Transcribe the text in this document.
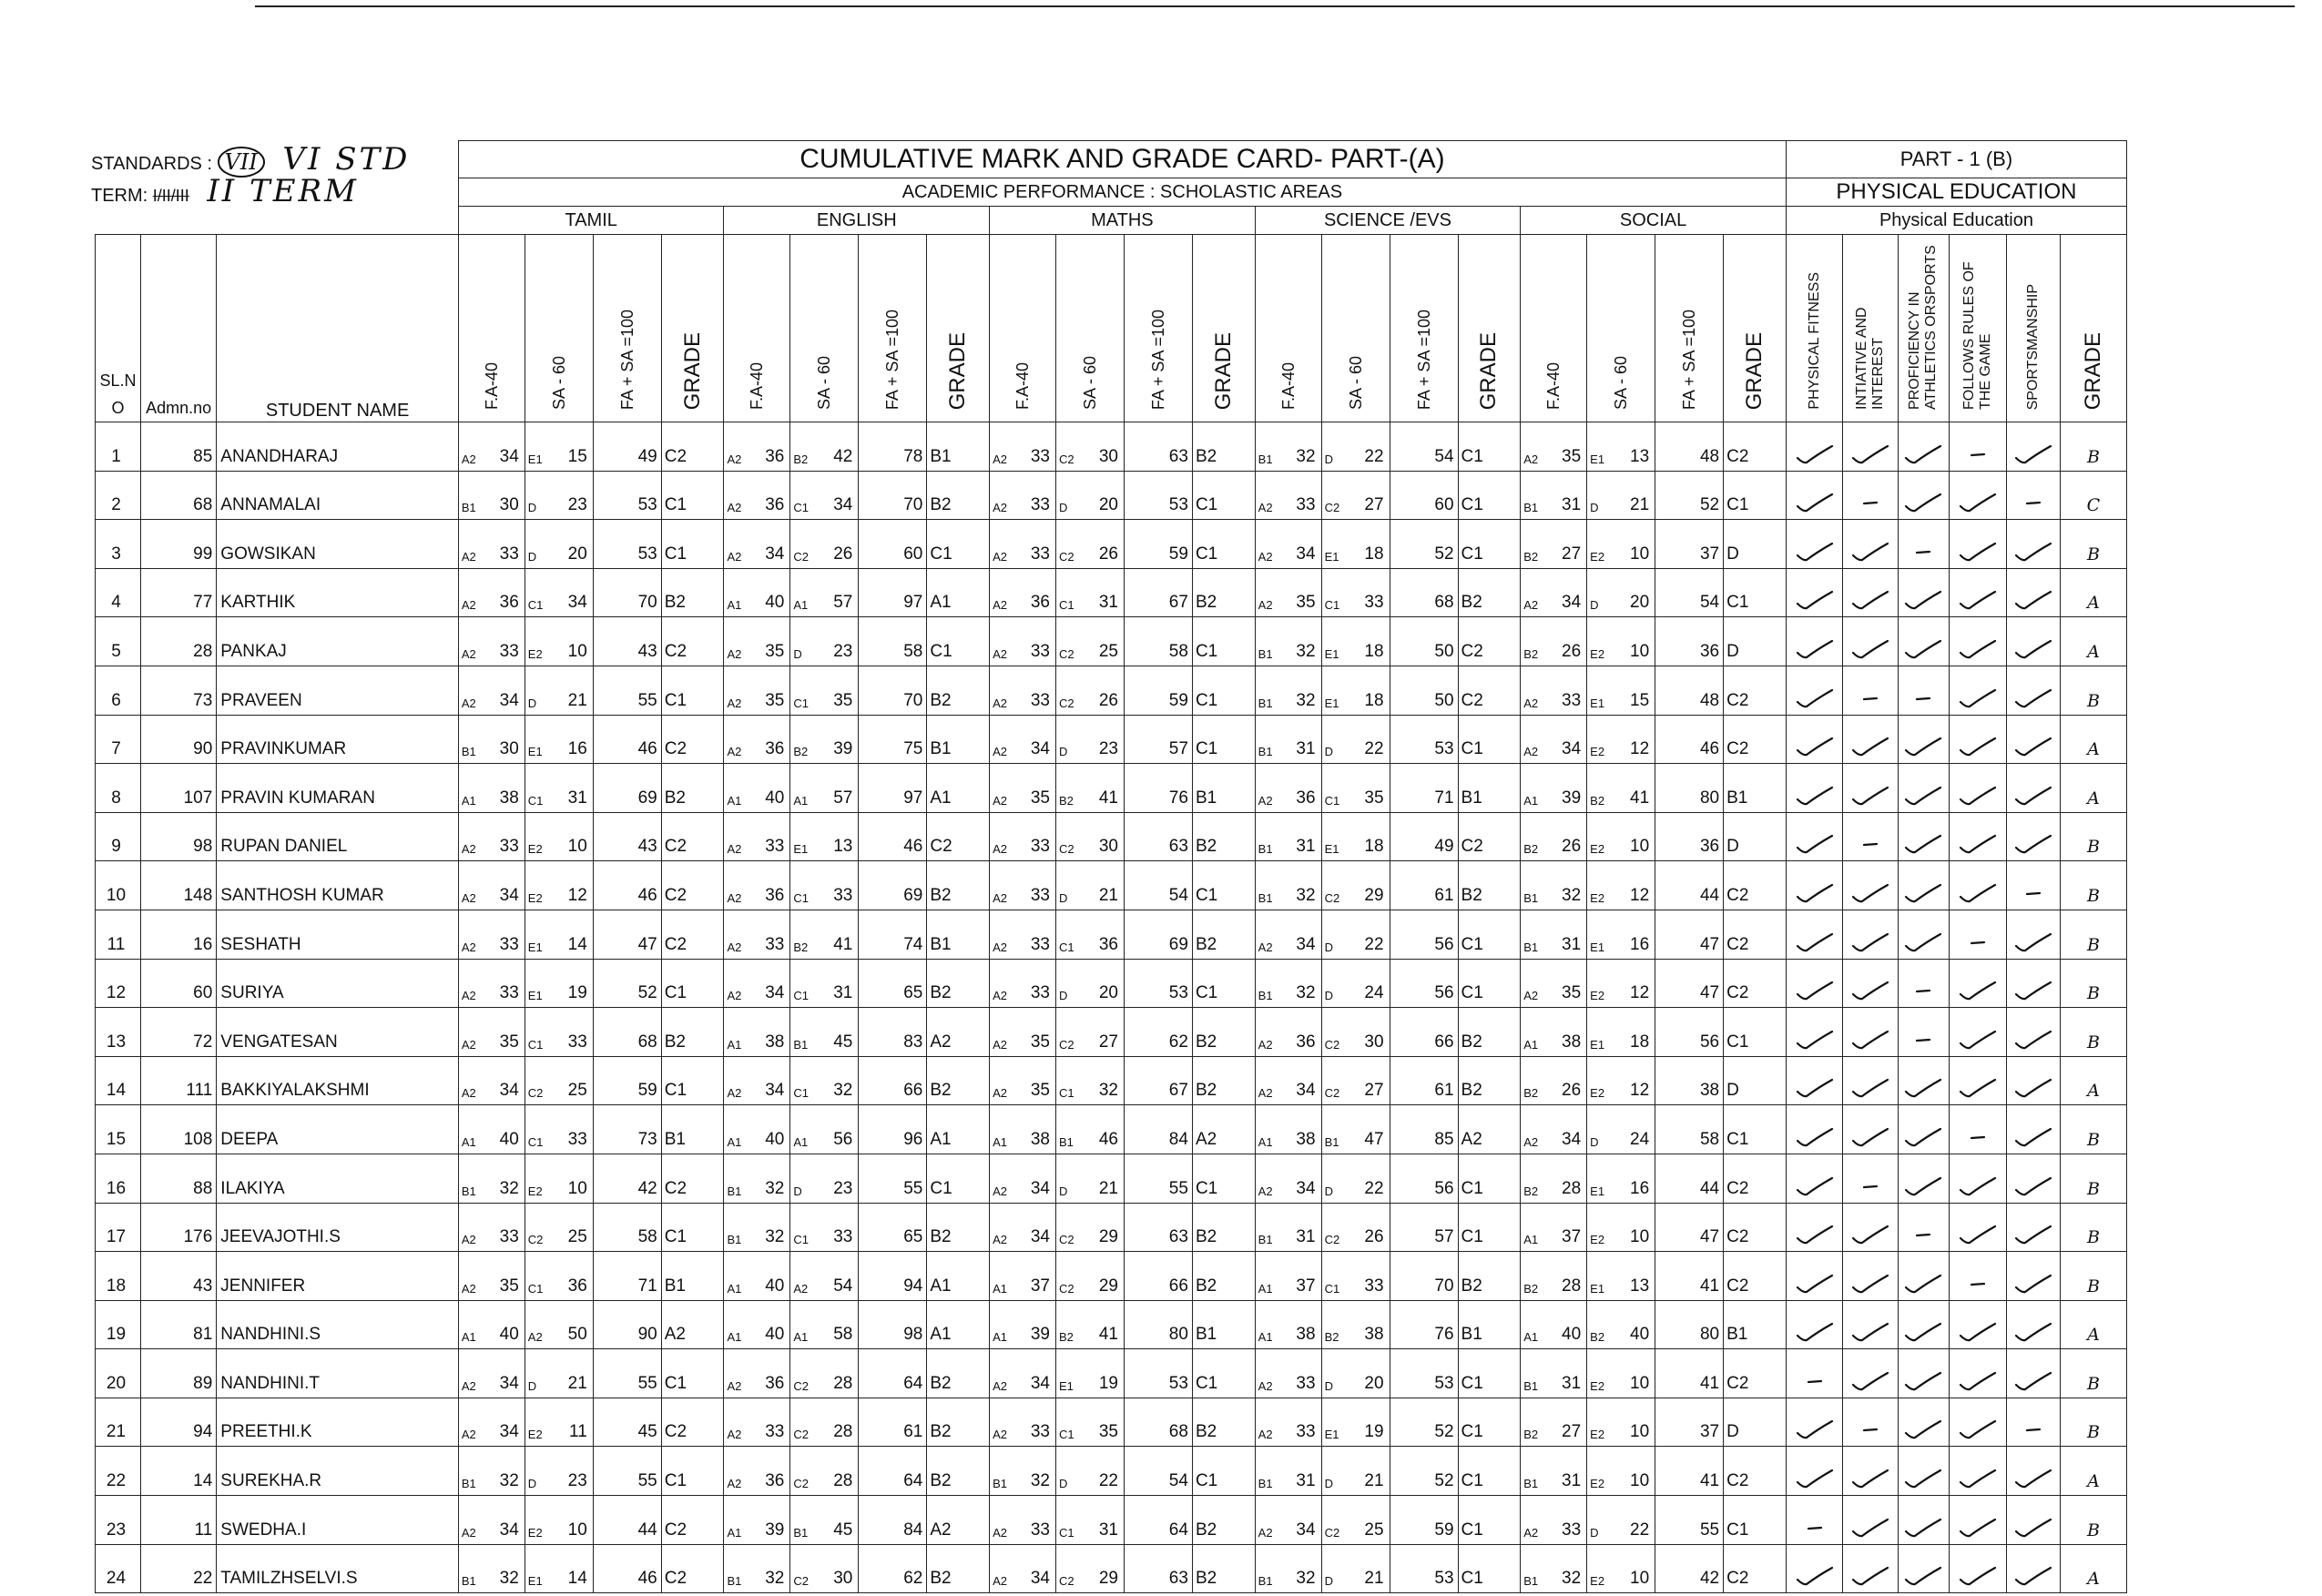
STANDARDS : VII VI STD
TERM: I/II/III II TERM
			CUMULATIVE MARK AND GRADE CARD- PART-(A)																				PART - 1 (B)					
			ACADEMIC PERFORMANCE : SCHOLASTIC AREAS																				PHYSICAL EDUCATION					
			TAMIL				ENGLISH				MATHS				SCIENCE /EVS				SOCIAL				Physical Education					

SL.NO	Admn.no	STUDENT NAME	F.A-40	SA - 60	FA + SA =100	GRADE	F.A-40	SA - 60	FA + SA =100	GRADE	F.A-40	SA - 60	FA + SA =100	GRADE	F.A-40	SA - 60	FA + SA =100	GRADE	F.A-40	SA - 60	FA + SA =100	GRADE	PHYSICAL FITNESS	INTIATIVE AND INTEREST	PROFICIENCY IN ATHLETICS ORSPORTS	FOLLOWS RULES OF THE GAME	SPORTSMANSHIP	GRADE
1	85	ANANDHARAJ	A2 34	E1 15	49	C2	A2 36	B2 42	78	B1	A2 33	C2 30	63	B2	B1 32	D 22	54	C1	A2 35	E1 13	48	C2						B
2	68	ANNAMALAI	B1 30	D 23	53	C1	A2 36	C1 34	70	B2	A2 33	D 20	53	C1	A2 33	C2 27	60	C1	B1 31	D 21	52	C1						C
3	99	GOWSIKAN	A2 33	D 20	53	C1	A2 34	C2 26	60	C1	A2 33	C2 26	59	C1	A2 34	E1 18	52	C1	B2 27	E2 10	37	D						B
4	77	KARTHIK	A2 36	C1 34	70	B2	A1 40	A1 57	97	A1	A2 36	C1 31	67	B2	A2 35	C1 33	68	B2	A2 34	D 20	54	C1						A
5	28	PANKAJ	A2 33	E2 10	43	C2	A2 35	D 23	58	C1	A2 33	C2 25	58	C1	B1 32	E1 18	50	C2	B2 26	E2 10	36	D						A
6	73	PRAVEEN	A2 34	D 21	55	C1	A2 35	C1 35	70	B2	A2 33	C2 26	59	C1	B1 32	E1 18	50	C2	A2 33	E1 15	48	C2						B
7	90	PRAVINKUMAR	B1 30	E1 16	46	C2	A2 36	B2 39	75	B1	A2 34	D 23	57	C1	B1 31	D 22	53	C1	A2 34	E2 12	46	C2						A
8	107	PRAVIN KUMARAN	A1 38	C1 31	69	B2	A1 40	A1 57	97	A1	A2 35	B2 41	76	B1	A2 36	C1 35	71	B1	A1 39	B2 41	80	B1						A
9	98	RUPAN DANIEL	A2 33	E2 10	43	C2	A2 33	E1 13	46	C2	A2 33	C2 30	63	B2	B1 31	E1 18	49	C2	B2 26	E2 10	36	D						B
10	148	SANTHOSH KUMAR	A2 34	E2 12	46	C2	A2 36	C1 33	69	B2	A2 33	D 21	54	C1	B1 32	C2 29	61	B2	B1 32	E2 12	44	C2						B
11	16	SESHATH	A2 33	E1 14	47	C2	A2 33	B2 41	74	B1	A2 33	C1 36	69	B2	A2 34	D 22	56	C1	B1 31	E1 16	47	C2						B
12	60	SURIYA	A2 33	E1 19	52	C1	A2 34	C1 31	65	B2	A2 33	D 20	53	C1	B1 32	D 24	56	C1	A2 35	E2 12	47	C2						B
13	72	VENGATESAN	A2 35	C1 33	68	B2	A1 38	B1 45	83	A2	A2 35	C2 27	62	B2	A2 36	C2 30	66	B2	A1 38	E1 18	56	C1						B
14	111	BAKKIYALAKSHMI	A2 34	C2 25	59	C1	A2 34	C1 32	66	B2	A2 35	C1 32	67	B2	A2 34	C2 27	61	B2	B2 26	E2 12	38	D						A
15	108	DEEPA	A1 40	C1 33	73	B1	A1 40	A1 56	96	A1	A1 38	B1 46	84	A2	A1 38	B1 47	85	A2	A2 34	D 24	58	C1						B
16	88	ILAKIYA	B1 32	E2 10	42	C2	B1 32	D 23	55	C1	A2 34	D 21	55	C1	A2 34	D 22	56	C1	B2 28	E1 16	44	C2						B
17	176	JEEVAJOTHI.S	A2 33	C2 25	58	C1	B1 32	C1 33	65	B2	A2 34	C2 29	63	B2	B1 31	C2 26	57	C1	A1 37	E2 10	47	C2						B
18	43	JENNIFER	A2 35	C1 36	71	B1	A1 40	A2 54	94	A1	A1 37	C2 29	66	B2	A1 37	C1 33	70	B2	B2 28	E1 13	41	C2						B
19	81	NANDHINI.S	A1 40	A2 50	90	A2	A1 40	A1 58	98	A1	A1 39	B2 41	80	B1	A1 38	B2 38	76	B1	A1 40	B2 40	80	B1						A
20	89	NANDHINI.T	A2 34	D 21	55	C1	A2 36	C2 28	64	B2	A2 34	E1 19	53	C1	A2 33	D 20	53	C1	B1 31	E2 10	41	C2						B
21	94	PREETHI.K	A2 34	E2 11	45	C2	A2 33	C2 28	61	B2	A2 33	C1 35	68	B2	A2 33	E1 19	52	C1	B2 27	E2 10	37	D						B
22	14	SUREKHA.R	B1 32	D 23	55	C1	A2 36	C2 28	64	B2	B1 32	D 22	54	C1	B1 31	D 21	52	C1	B1 31	E2 10	41	C2						A
23	11	SWEDHA.I	A2 34	E2 10	44	C2	A1 39	B1 45	84	A2	A2 33	C1 31	64	B2	A2 34	C2 25	59	C1	A2 33	D 22	55	C1						B
24	22	TAMILZHSELVI.S	B1 32	E1 14	46	C2	B1 32	C2 30	62	B2	A2 34	C2 29	63	B2	B1 32	D 21	53	C1	B1 32	E2 10	42	C2						A
